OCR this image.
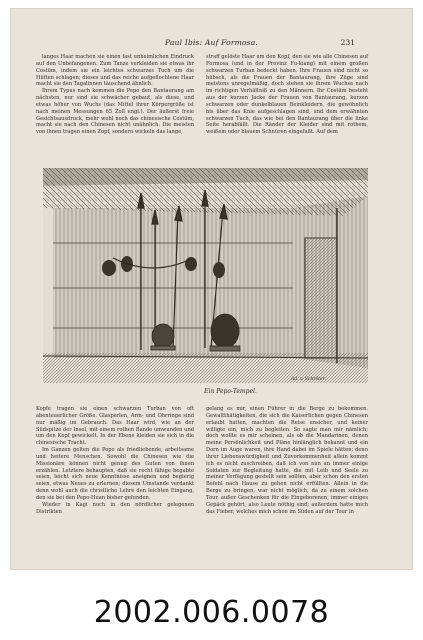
Paul Ibis: Auf Formosa.	231

langes Haar machen sie einen fast unheimlichen Eindruck auf den Unbefangenen. Zum Tanze verkleiden sie etwas ihr Costüm, indem sie ein leichtes schwarzes Tuch um die Hüften schlagen; dieses und das reiche aufgeflochtene Haar macht sie den Tagalinnen täuschend ähnlich.

Ihrem Typus nach kommen die Pepo den Bantaurang am nächsten, nur sind sie schwächer gebaut, als diese, und etwas höher von Wuchs (das Mittel ihrer Körpergröße ist nach meinen Messungen 65 Zoll engl.). Der äußerst freie Gesichtsausdruck, mehr wohl noch das chinesische Costüm, macht sie nach den Chinesen nicht unähnlich. Die meisten von ihnen tragen einen Zopf, sondern wickeln das lange,

straff gelöste Haar um den Kopf, den sie wie alle Chinesen auf Formosa (und in der Provinz Fu-kiang) mit einem großen schwarzen Turban bedeckt haben. Ihre Frauen sind nicht so hübsch, als die Frauen der Bantaurang, ihre Züge sind meistens unregelmäßig, doch stehen sie ihrem Wuchse nach im richtigen Verhältniß zu den Männern. Ihr Costüm besteht aus der kurzen Jacke der Frauen von Bantaurang, kurzen schwarzen oder dunkelblauen Beinkleidern, die gewöhnlich bis über das Knie aufgeschlagen sind, und dem erwähnten schwarzen Tuch, das wie bei den Bantaurang über die linke Seite herabfällt. Die Ränder der Kleider sind mit rothem, weißem oder blauem Schnüren eingefaßt. Auf dem

Ad. v. Schröter.
Ein Pepo-Tempel.

Kopfe tragen sie einen schwarzen Turban von oft abenteuerlicher Größe. Glasperlen, Arm- und Ohrringe sind nur mäßig im Gebrauch. Das Haar wird, wie an der Südspitze der Insel, mit einem rothen Bande umwunden und um den Kopf gewickelt. In der Ebene kleiden sie sich in die chinesische Tracht.

Im Ganzen gelten die Pepo als friedliebende, arbeitsame und heitere Menschen. Sowohl die Chinesen wie die Missionäre können nicht genug des Guten von ihnen erzählen. Letztere behaupten, daß sie recht fähige begabte seien, leicht sich neue Kenntnisse aneignen und begierig seien, etwas Neues zu erlernen; diesem Umstande verdankt denn wohl auch die christliche Lehre den leichten Eingang, den sie bei den Pepo-Huan bisher gefunden.

Wieder in Kagi noch in den nördlicher gelegenen Distrikten

gelang es mir, einen Führer in die Berge zu bekommen. Gewaltthätigkeiten, die sich die Kaiserlichen gegen Chinesen erlaubt hatten, machten die Reise unsicher, und keiner willigte ein, mich zu begleiten. So sagte man mir nämlich; doch wollte es mir scheinen, als ob die Mandarinen, denen meine Persönlichkeit und Pläne hinlänglich bekannt und ein Dorn im Auge waren, ihre Hand dabei im Spiele hätten; denn ihrer Liebenswürdigkeit und Zuvorkommenheit allein kommt ich es nicht zuschreiben, daß ich von nun an immer einige Soldaten zur Begleitung hatte, die mit Leib und Seele zu meiner Verfügung gestellt sein sollten, aber schon den ersten Befehl nach Hause zu gehen nicht erfüllten. Allein in die Berge zu bringen, war nicht möglich, da zu einem solchen Tour, außer Geschenken für die Eingeborenen, immer einiges Gepäck gehört, also Leute nöthig sind; außerdem hatte mich das Fieber, welches mich schon im Süden auf der Tour in

2002.006.0078
